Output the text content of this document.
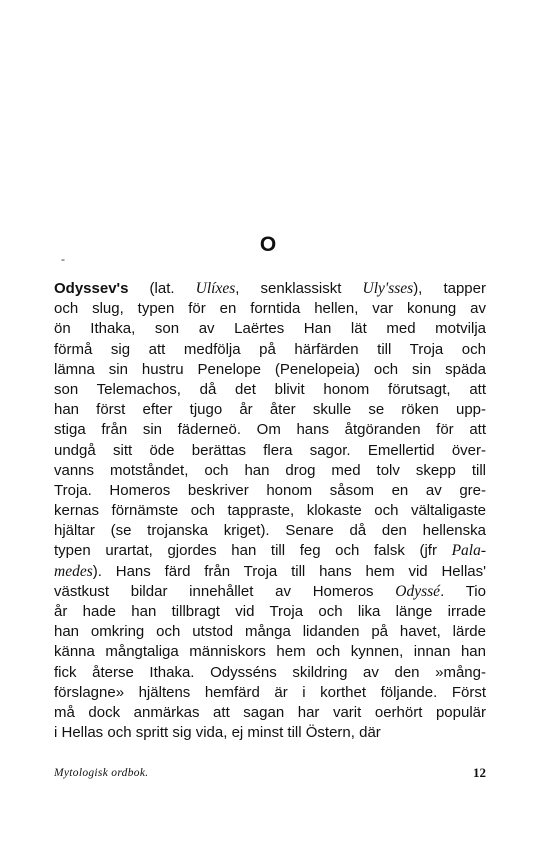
-
O
Odyssev's (lat. Ulíxes, senklassiskt Uly'sses), tapper
och slug, typen för en forntida hellen, var konung av
ön Ithaka, son av Laërtes Han lät med motvilja
förmå sig att medfölja på härfärden till Troja och
lämna sin hustru Penelope (Penelopeia) och sin späda
son Telemachos, då det blivit honom förutsagt, att
han först efter tjugo år åter skulle se röken upp-
stiga från sin fäderneö. Om hans åtgöranden för att
undgå sitt öde berättas flera sagor. Emellertid över-
vanns motståndet, och han drog med tolv skepp till
Troja. Homeros beskriver honom såsom en av gre-
kernas förnämste och tappraste, klokaste och vältaligaste
hjältar (se trojanska kriget). Senare då den hellenska
typen urartat, gjordes han till feg och falsk (jfr Pala-
medes). Hans färd från Troja till hans hem vid Hellas'
västkust bildar innehållet av Homeros Odyssé. Tio
år hade han tillbragt vid Troja och lika länge irrade
han omkring och utstod många lidanden på havet, lärde
känna mångtaliga människors hem och kynnen, innan han
fick återse Ithaka. Odysséns skildring av den »mång-
förslagne» hjältens hemfärd är i korthet följande. Först
må dock anmärkas att sagan har varit oerhört populär
i Hellas och spritt sig vida, ej minst till Östern, där
Mytologisk ordbok.	12
